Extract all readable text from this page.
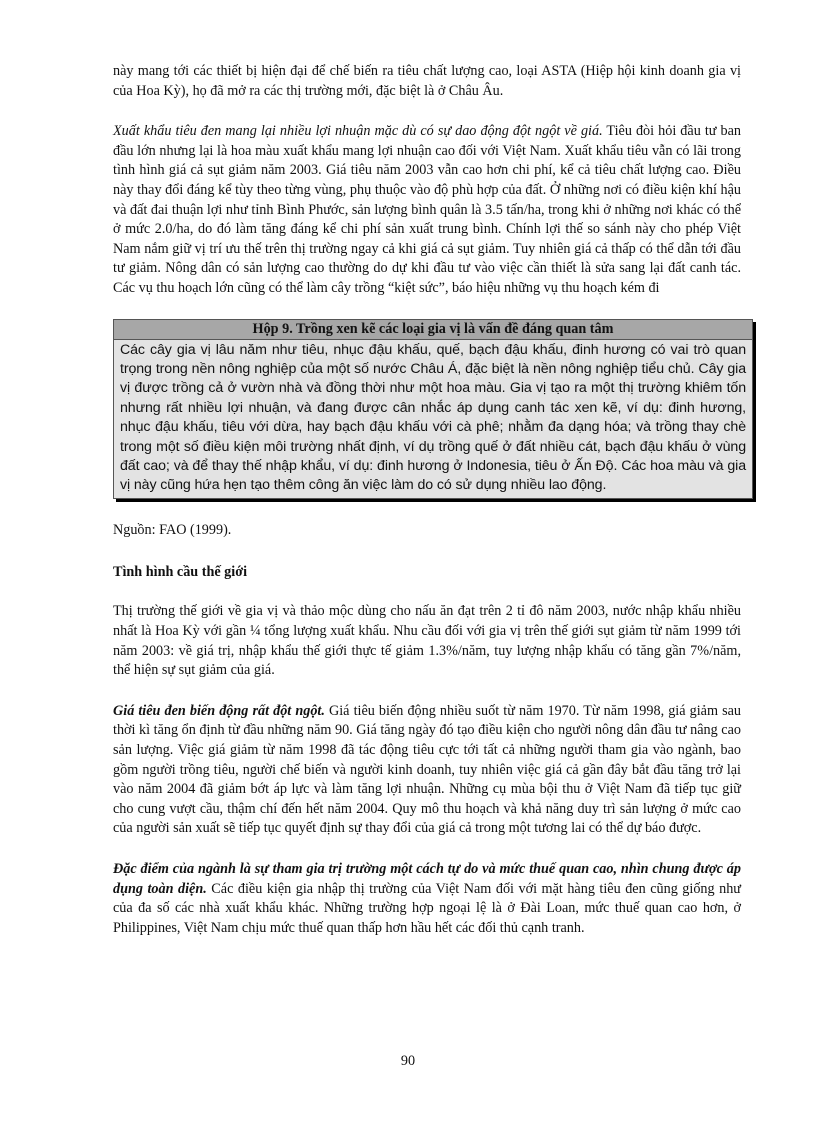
này mang tới các thiết bị hiện đại để chế biến ra tiêu chất lượng cao, loại ASTA (Hiệp hội kinh doanh gia vị của Hoa Kỳ), họ đã mở ra các thị trường mới, đặc biệt là ở Châu Âu.

Xuất khẩu tiêu đen mang lại nhiều lợi nhuận mặc dù có sự dao động đột ngột về giá. Tiêu đòi hỏi đầu tư ban đầu lớn nhưng lại là hoa màu xuất khẩu mang lợi nhuận cao đối với Việt Nam. Xuất khẩu tiêu vẫn có lãi trong tình hình giá cả sụt giảm năm 2003. Giá tiêu năm 2003 vẫn cao hơn chi phí, kể cả tiêu chất lượng cao. Điều này thay đổi đáng kể tùy theo từng vùng, phụ thuộc vào độ phù hợp của đất. Ở những nơi có điều kiện khí hậu và đất đai thuận lợi như tỉnh Bình Phước, sản lượng bình quân là 3.5 tấn/ha, trong khi ở những nơi khác có thể ở mức 2.0/ha, do đó làm tăng đáng kể chi phí sản xuất trung bình. Chính lợi thế so sánh này cho phép Việt Nam nắm giữ vị trí ưu thế trên thị trường ngay cả khi giá cả sụt giảm. Tuy nhiên giá cả thấp có thể dẫn tới đầu tư giảm. Nông dân có sản lượng cao thường do dự khi đầu tư vào việc cần thiết là sửa sang lại đất canh tác. Các vụ thu hoạch lớn cũng có thể làm cây trồng “kiệt sức”, báo hiệu những vụ thu hoạch kém đi

Hộp 9. Trồng xen kẽ các loại gia vị là vấn đề đáng quan tâm
Các cây gia vị lâu năm như tiêu, nhục đậu khấu, quế, bạch đậu khấu, đinh hương có vai trò quan trọng trong nền nông nghiệp của một số nước Châu Á, đặc biệt là nền nông nghiệp tiểu chủ. Cây gia vị được trồng cả ở vườn nhà và đồng thời như một hoa màu. Gia vị tạo ra một thị trường khiêm tốn nhưng rất nhiều lợi nhuận, và đang được cân nhắc áp dụng canh tác xen kẽ, ví dụ: đinh hương, nhục đậu khấu, tiêu với dừa, hay bạch đậu khấu với cà phê; nhằm đa dạng hóa; và trồng thay chè trong một số điều kiện môi trường nhất định, ví dụ trồng quế ở đất nhiều cát, bạch đậu khấu ở vùng đất cao; và để thay thế nhập khẩu, ví dụ: đinh hương ở Indonesia, tiêu ở Ấn Độ. Các hoa màu và gia vị này cũng hứa hẹn tạo thêm công ăn việc làm do có sử dụng nhiều lao động.

Nguồn: FAO (1999).

Tình hình cầu thế giới

Thị trường thế giới về gia vị và thảo mộc dùng cho nấu ăn đạt trên 2 tỉ đô năm 2003, nước nhập khẩu nhiều nhất là Hoa Kỳ với gần ¼ tổng lượng xuất khẩu. Nhu cầu đối với gia vị trên thế giới sụt giảm từ năm 1999 tới năm 2003: về giá trị, nhập khẩu thế giới thực tế giảm 1.3%/năm, tuy lượng nhập khẩu có tăng gần 7%/năm, thể hiện sự sụt giảm của giá.

Giá tiêu đen biến động rất đột ngột. Giá tiêu biến động nhiều suốt từ năm 1970. Từ năm 1998, giá giảm sau thời kì tăng ổn định từ đầu những năm 90. Giá tăng ngày đó tạo điều kiện cho người nông dân đầu tư nâng cao sản lượng. Việc giá giảm từ năm 1998 đã tác động tiêu cực tới tất cả những người tham gia vào ngành, bao gồm người trồng tiêu, người chế biến và người kinh doanh, tuy nhiên việc giá cả gần đây bắt đầu tăng trở lại vào năm 2004 đã giảm bớt áp lực và làm tăng lợi nhuận. Những cụ mùa bội thu ở Việt Nam đã tiếp tục giữ cho cung vượt cầu, thậm chí đến hết năm 2004. Quy mô thu hoạch và khả năng duy trì sản lượng ở mức cao của người sản xuất sẽ tiếp tục quyết định sự thay đổi của giá cả trong một tương lai có thể dự báo được.

Đặc điểm của ngành là sự tham gia trị trường một cách tự do và mức thuế quan cao, nhìn chung được áp dụng toàn diện. Các điều kiện gia nhập thị trường của Việt Nam đối với mặt hàng tiêu đen cũng giống như của đa số các nhà xuất khẩu khác. Những trường hợp ngoại lệ là ở Đài Loan, mức thuế quan cao hơn, ở Philippines, Việt Nam chịu mức thuế quan thấp hơn hầu hết các đối thủ cạnh tranh.

90
